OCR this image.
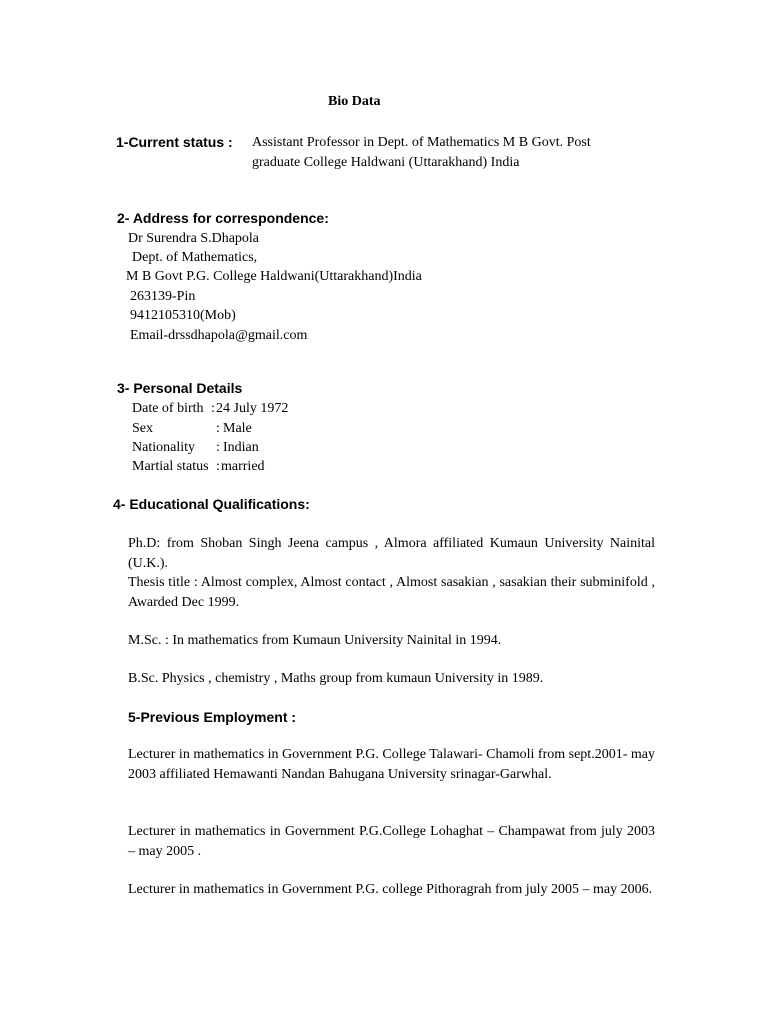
Bio Data
1-Current status : Assistant Professor in Dept. of Mathematics M B Govt. Post
graduate College Haldwani (Uttarakhand) India
2- Address for correspondence:
Dr Surendra S.Dhapola
Dept. of Mathematics,
M B Govt P.G. College Haldwani(Uttarakhand)India
263139-Pin
9412105310(Mob)
Email-drssdhapola@gmail.com
3- Personal Details
Date of birth : 24 July 1972
Sex	: Male
Nationality : Indian
Martial status : married
4- Educational Qualifications:
Ph.D: from Shoban Singh Jeena campus , Almora affiliated Kumaun University Nainital (U.K.).
Thesis title : Almost complex, Almost contact , Almost sasakian , sasakian their subminifold , Awarded Dec 1999.
M.Sc. : In mathematics from Kumaun University Nainital in 1994.
B.Sc. Physics , chemistry , Maths group from kumaun University in 1989.
5-Previous Employment :
Lecturer in mathematics in Government P.G. College Talawari- Chamoli from sept.2001- may 2003 affiliated Hemawanti Nandan Bahugana University srinagar-Garwhal.
Lecturer in mathematics in Government P.G.College Lohaghat – Champawat from july 2003 – may 2005 .
Lecturer in mathematics in Government P.G. college Pithoragrah from july 2005 – may 2006.
